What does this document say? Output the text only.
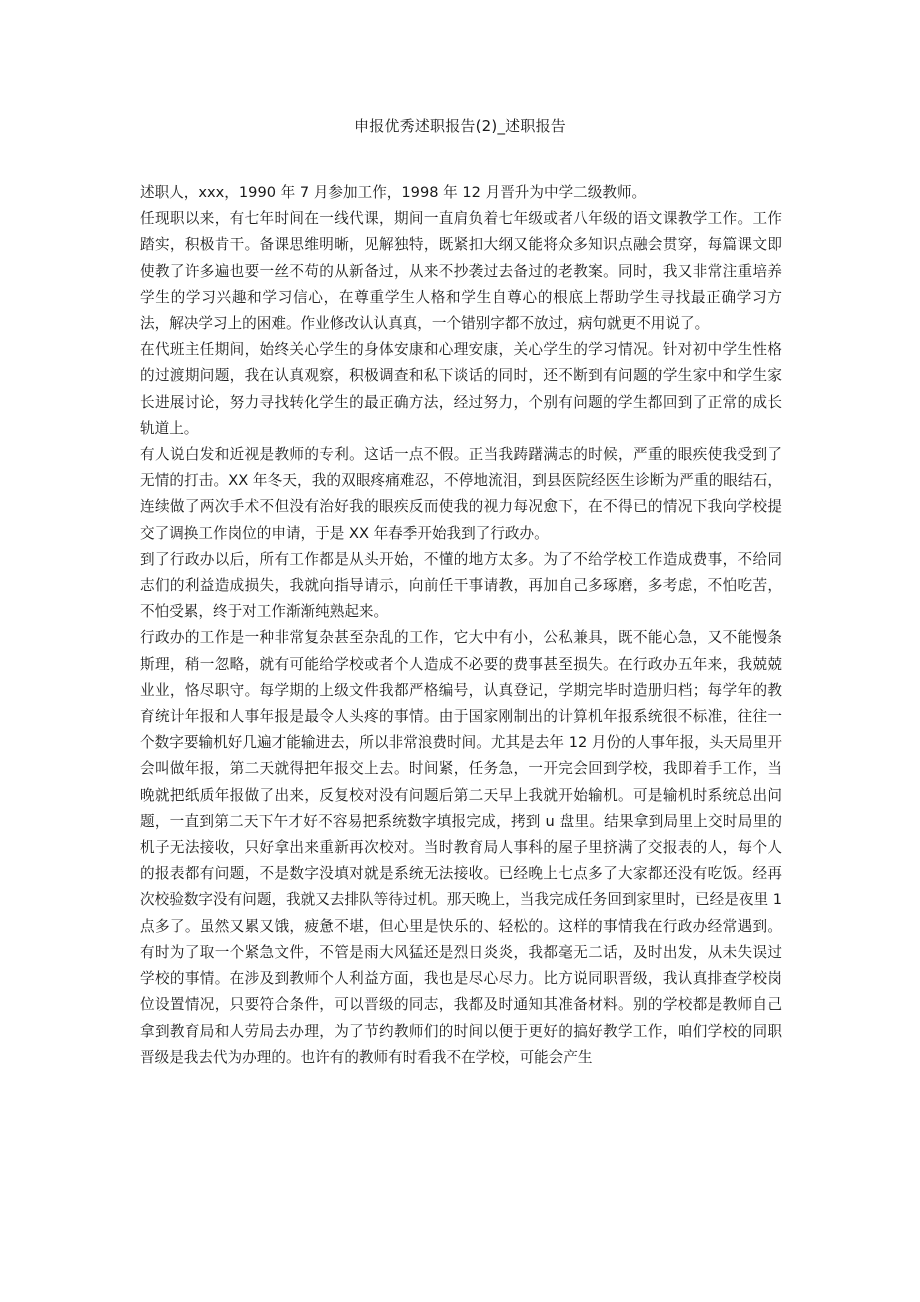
申报优秀述职报告(2)_述职报告

述职人，xxx，1990 年 7 月参加工作，1998 年 12 月晋升为中学二级教师。

任现职以来，有七年时间在一线代课，期间一直肩负着七年级或者八年级的语文课教学工作。工作踏实，积极肯干。备课思维明晰，见解独特，既紧扣大纲又能将众多知识点融会贯穿，每篇课文即使教了许多遍也要一丝不苟的从新备过，从来不抄袭过去备过的老教案。同时，我又非常注重培养学生的学习兴趣和学习信心，在尊重学生人格和学生自尊心的根底上帮助学生寻找最正确学习方法，解决学习上的困难。作业修改认认真真，一个错别字都不放过，病句就更不用说了。

在代班主任期间，始终关心学生的身体安康和心理安康，关心学生的学习情况。针对初中学生性格的过渡期问题，我在认真观察，积极调查和私下谈话的同时，还不断到有问题的学生家中和学生家长进展讨论，努力寻找转化学生的最正确方法，经过努力，个别有问题的学生都回到了正常的成长轨道上。

有人说白发和近视是教师的专利。这话一点不假。正当我踌躇满志的时候，严重的眼疾使我受到了无情的打击。XX 年冬天，我的双眼疼痛难忍，不停地流泪，到县医院经医生诊断为严重的眼结石，连续做了两次手术不但没有治好我的眼疾反而使我的视力每况愈下，在不得已的情况下我向学校提交了调换工作岗位的申请，于是 XX 年春季开始我到了行政办。

到了行政办以后，所有工作都是从头开始，不懂的地方太多。为了不给学校工作造成费事，不给同志们的利益造成损失，我就向指导请示，向前任干事请教，再加自己多琢磨，多考虑，不怕吃苦，不怕受累，终于对工作渐渐纯熟起来。

行政办的工作是一种非常复杂甚至杂乱的工作，它大中有小，公私兼具，既不能心急，又不能慢条斯理，稍一忽略，就有可能给学校或者个人造成不必要的费事甚至损失。在行政办五年来，我兢兢业业，恪尽职守。每学期的上级文件我都严格编号，认真登记，学期完毕时造册归档；每学年的教育统计年报和人事年报是最令人头疼的事情。由于国家刚制出的计算机年报系统很不标准，往往一个数字要输机好几遍才能输进去，所以非常浪费时间。尤其是去年 12 月份的人事年报，头天局里开会叫做年报，第二天就得把年报交上去。时间紧，任务急，一开完会回到学校，我即着手工作，当晚就把纸质年报做了出来，反复校对没有问题后第二天早上我就开始输机。可是输机时系统总出问题，一直到第二天下午才好不容易把系统数字填报完成，拷到 u 盘里。结果拿到局里上交时局里的机子无法接收，只好拿出来重新再次校对。当时教育局人事科的屋子里挤满了交报表的人，每个人的报表都有问题，不是数字没填对就是系统无法接收。已经晚上七点多了大家都还没有吃饭。经再次校验数字没有问题，我就又去排队等待过机。那天晚上，当我完成任务回到家里时，已经是夜里 1 点多了。虽然又累又饿，疲惫不堪，但心里是快乐的、轻松的。这样的事情我在行政办经常遇到。有时为了取一个紧急文件，不管是雨大风猛还是烈日炎炎，我都毫无二话，及时出发，从未失误过学校的事情。在涉及到教师个人利益方面，我也是尽心尽力。比方说同职晋级，我认真排查学校岗位设置情况，只要符合条件，可以晋级的同志，我都及时通知其准备材料。别的学校都是教师自己拿到教育局和人劳局去办理，为了节约教师们的时间以便于更好的搞好教学工作，咱们学校的同职晋级是我去代为办理的。也许有的教师有时看我不在学校，可能会产生
